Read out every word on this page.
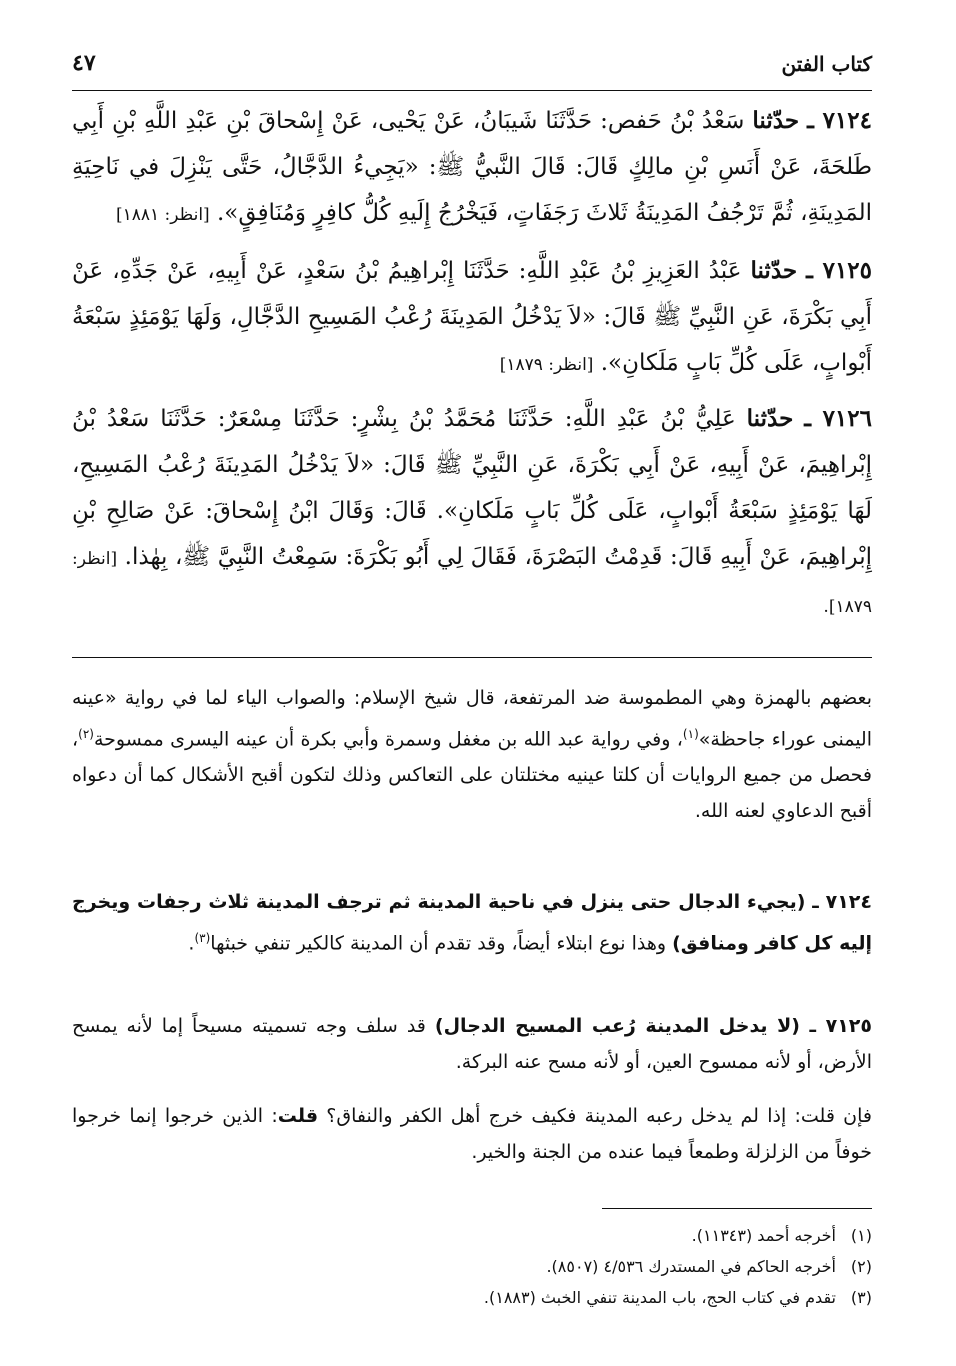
كتاب الفتن
٤٧

٧١٢٤ ـ حدّثنا سَعْدُ بْنُ حَفص: حَدَّثَنَا شَيبَانُ، عَنْ يَحْيى، عَنْ إِسْحاقَ بْنِ عَبْدِ اللَّهِ بْنِ أَبِي طَلحَةَ، عَنْ أَنَسِ بْنِ مالِكٍ قَالَ: قَالَ النَّبيُّ ﷺ: «يَجِيءُ الدَّجَّالُ، حَتَّى يَنْزِلَ في نَاحِيَةِ المَدِينَةِ، ثُمَّ تَرْجُفُ المَدِينَةُ ثَلاثَ رَجَفَاتٍ، فَيَخْرُجُ إِلَيهِ كُلُّ كافِرٍ وَمُنَافِقٍ». [انظر: ١٨٨١]

٧١٢٥ ـ حدّثنا عَبْدُ العَزِيزِ بْنُ عَبْدِ اللَّهِ: حَدَّثَنَا إِبْراهِيمُ بْنُ سَعْدٍ، عَنْ أَبِيهِ، عَنْ جَدِّهِ، عَنْ أَبِي بَكْرَةَ، عَنِ النَّبِيِّ ﷺ قَالَ: «لاَ يَدْخُلُ المَدِينَةَ رُعْبُ المَسِيحِ الدَّجَّالِ، وَلَهَا يَوْمَئِذٍ سَبْعَةُ أَبْوابٍ، عَلَى كُلِّ بَابٍ مَلَكانِ». [انظر: ١٨٧٩]

٧١٢٦ ـ حدّثنا عَلِيُّ بْنُ عَبْدِ اللَّهِ: حَدَّثَنَا مُحَمَّدُ بْنُ بِشْرٍ: حَدَّثَنَا مِسْعَرٌ: حَدَّثَنَا سَعْدُ بْنُ إِبْراهِيمَ، عَنْ أَبِيهِ، عَنْ أَبِي بَكْرَةَ، عَنِ النَّبِيِّ ﷺ قَالَ: «لاَ يَدْخُلُ المَدِينَةَ رُعْبُ المَسِيحِ، لَهَا يَوْمَئِذٍ سَبْعَةُ أَبْوابٍ، عَلَى كُلِّ بَابٍ مَلَكانِ». قَالَ: وَقَالَ ابْنُ إِسْحاقَ: عَنْ صَالِحِ بْنِ إِبْراهِيمَ، عَنْ أَبِيهِ قَالَ: قَدِمْتُ البَصْرَةَ، فَقَالَ لِي أَبُو بَكْرَةَ: سَمِعْتُ النَّبِيَّ ﷺ، بِهٰذا. [انظر: ١٨٧٩].

بعضهم بالهمزة وهي المطموسة ضد المرتفعة، قال شيخ الإسلام: والصواب الياء لما في رواية «عينه اليمنى عوراء جاحظة»$^{(١)}$، وفي رواية عبد الله بن مغفل وسمرة وأبي بكرة أن عينه اليسرى ممسوحة$^{(٢)}$، فحصل من جميع الروايات أن كلتا عينيه مختلتان على التعاكس وذلك لتكون أقبح الأشكال كما أن دعواه أقبح الدعاوي لعنه الله.

٧١٢٤ ـ (يجيء الدجال حتى ينزل في ناحية المدينة ثم ترجف المدينة ثلاث رجفات ويخرج إليه كل كافر ومنافق) وهذا نوع ابتلاء أيضاً، وقد تقدم أن المدينة كالكير تنفي خبثها$^{(٣)}$.

٧١٢٥ ـ (لا يدخل المدينة رُعب المسيح الدجال) قد سلف وجه تسميته مسيحاً إما لأنه يمسح الأرض، أو لأنه ممسوح العين، أو لأنه مسح عنه البركة.

فإن قلت: إذا لم يدخل رعبه المدينة فكيف خرج أهل الكفر والنفاق؟ قلت: الذين خرجوا إنما خرجوا خوفاً من الزلزلة وطمعاً فيما عنده من الجنة والخير.

(١)أخرجه أحمد (١١٣٤٣).
(٢)أخرجه الحاكم في المستدرك ٤/٥٣٦ (٨٥٠٧).
(٣)تقدم في كتاب الحج، باب المدينة تنفي الخبث (١٨٨٣).
